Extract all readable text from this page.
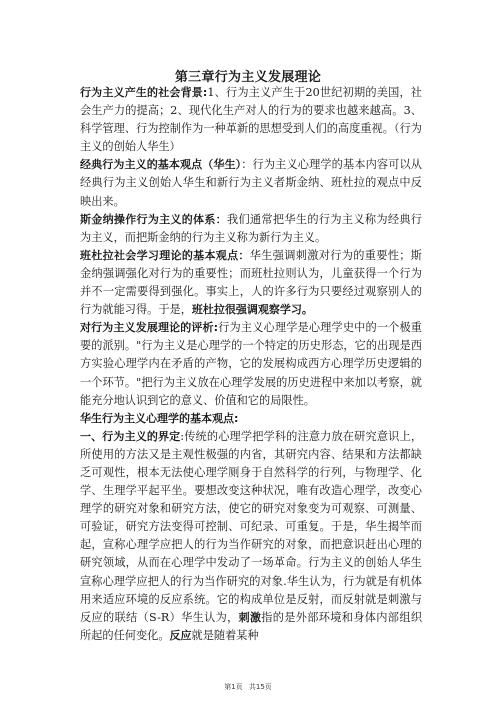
第三章行为主义发展理论

行为主义产生的社会背景:1、行为主义产生于20世纪初期的美国，社会生产力的提高；2、现代化生产对人的行为的要求也越来越高。3、科学管理、行为控制作为一种革新的思想受到人们的高度重视。（行为主义的创始人华生）

经典行为主义的基本观点（华生）：行为主义心理学的基本内容可以从经典行为主义创始人华生和新行为主义者斯金纳、班杜拉的观点中反映出来。

斯金纳操作行为主义的体系：我们通常把华生的行为主义称为经典行为主义，而把斯金纳的行为主义称为新行为主义。

班杜拉社会学习理论的基本观点：华生强调刺激对行为的重要性；斯金纳强调强化对行为的重要性；而班杜拉则认为，儿童获得一个行为并不一定需要得到强化。事实上，人的许多行为只要经过观察别人的行为就能习得。于是，班杜拉很强调观察学习。

对行为主义发展理论的评析:行为主义心理学是心理学史中的一个极重要的派别。"行为主义是心理学的一个特定的历史形态，它的出现是西方实验心理学内在矛盾的产物，它的发展构成西方心理学历史逻辑的一个环节。"把行为主义放在心理学发展的历史进程中来加以考察，就能充分地认识到它的意义、价值和它的局限性。

华生行为主义心理学的基本观点:

一、行为主义的界定:传统的心理学把学科的注意力放在研究意识上，所使用的方法又是主观性极强的内省，其研究内容、结果和方法都缺乏可观性，根本无法使心理学厕身于自然科学的行列，与物理学、化学、生理学平起平坐。要想改变这种状况，唯有改造心理学，改变心理学的研究对象和研究方法，使它的研究对象变为可观察、可测量、可验证，研究方法变得可控制、可纪录、可重复。于是，华生揭竿而起，宣称心理学应把人的行为当作研究的对象，而把意识赶出心理的研究领域，从而在心理学中发动了一场革命。行为主义的创始人华生宣称心理学应把人的行为当作研究的对象.华生认为，行为就是有机体用来适应环境的反应系统。它的构成单位是反射，而反射就是刺激与反应的联结（S-R）华生认为，刺激指的是外部环境和身体内部组织所起的任何变化。反应就是随着某种

第1页 共15页
